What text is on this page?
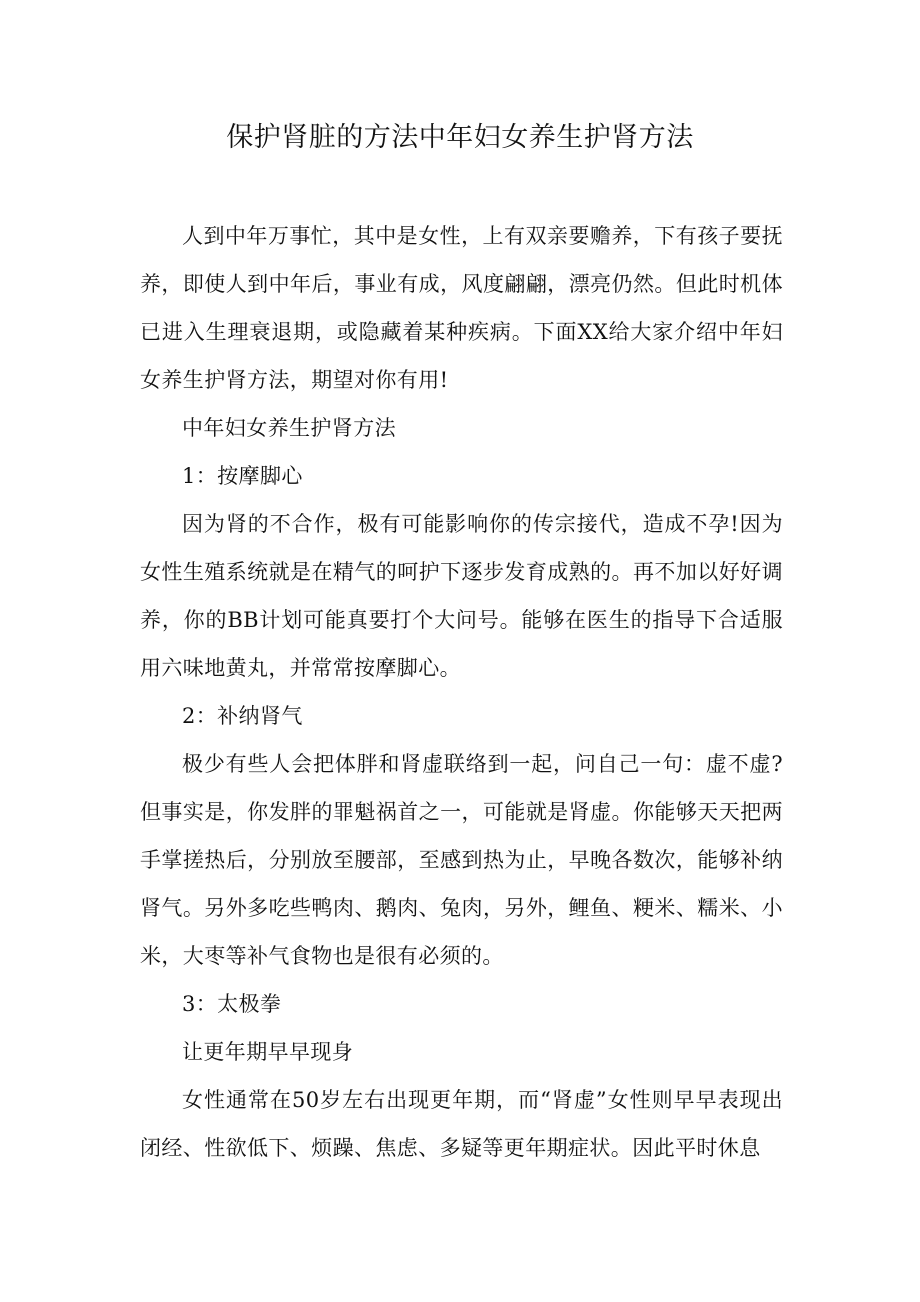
保护肾脏的方法中年妇女养生护肾方法

人到中年万事忙，其中是女性，上有双亲要赡养，下有孩子要抚养，即使人到中年后，事业有成，风度翩翩，漂亮仍然。但此时机体已进入生理衰退期，或隐藏着某种疾病。下面XX给大家介绍中年妇女养生护肾方法，期望对你有用!

中年妇女养生护肾方法

1：按摩脚心

因为肾的不合作，极有可能影响你的传宗接代，造成不孕!因为女性生殖系统就是在精气的呵护下逐步发育成熟的。再不加以好好调养，你的BB计划可能真要打个大问号。能够在医生的指导下合适服用六味地黄丸，并常常按摩脚心。

2：补纳肾气

极少有些人会把体胖和肾虚联络到一起，问自己一句：虚不虚?但事实是，你发胖的罪魁祸首之一，可能就是肾虚。你能够天天把两手掌搓热后，分别放至腰部，至感到热为止，早晚各数次，能够补纳肾气。另外多吃些鸭肉、鹅肉、兔肉，另外，鲤鱼、粳米、糯米、小米，大枣等补气食物也是很有必须的。

3：太极拳

让更年期早早现身

女性通常在50岁左右出现更年期，而“肾虚”女性则早早表现出闭经、性欲低下、烦躁、焦虑、多疑等更年期症状。因此平时休息
